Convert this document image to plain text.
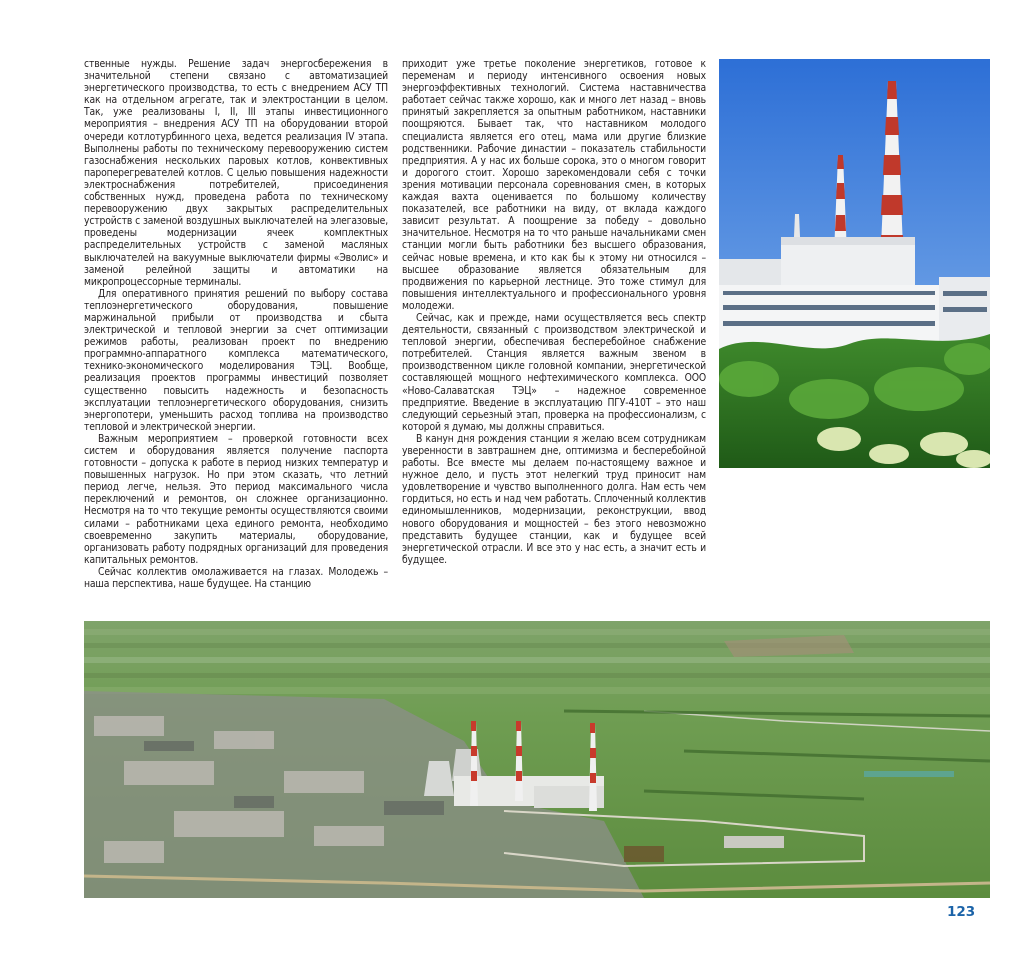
ственные нужды. Решение задач энергосбережения в значительной степени связано с автоматизацией энергетического производства, то есть с внедрением АСУ ТП как на отдельном агрегате, так и электростанции в целом. Так, уже реализованы I, II, III этапы инвестиционного мероприятия – внедрения АСУ ТП на оборудовании второй очереди котлотурбинного цеха, ведется реализация IV этапа. Выполнены работы по техническому перевооружению систем газоснабжения нескольких паровых котлов, конвективных пароперегревателей котлов. С целью повышения надежности электроснабжения потребителей, присоединения собственных нужд, проведена работа по техническому перевооружению двух закрытых распределительных устройств с заменой воздушных выключателей на элегазовые, проведены модернизации ячеек комплектных распределительных устройств с заменой масляных выключателей на вакуумные выключатели фирмы «Эволис» и заменой релейной защиты и автоматики на микропроцессорные терминалы.

Для оперативного принятия решений по выбору состава теплоэнергетического оборудования, повышение маржинальной прибыли от производства и сбыта электрической и тепловой энергии за счет оптимизации режимов работы, реализован проект по внедрению программно-аппаратного комплекса математического, технико-экономического моделирования ТЭЦ. Вообще, реализация проектов программы инвестиций позволяет существенно повысить надежность и безопасность эксплуатации теплоэнергетического оборудования, снизить энергопотери, уменьшить расход топлива на производство тепловой и электрической энергии.

Важным мероприятием – проверкой готовности всех систем и оборудования является получение паспорта готовности – допуска к работе в период низких температур и повышенных нагрузок. Но при этом сказать, что летний период легче, нельзя. Это период максимального числа переключений и ремонтов, он сложнее организационно. Несмотря на то что текущие ремонты осуществляются своими силами – работниками цеха единого ремонта, необходимо своевременно закупить материалы, оборудование, организовать работу подрядных организаций для проведения капитальных ремонтов.

Сейчас коллектив омолаживается на глазах. Молодежь – наша перспектива, наше будущее. На станцию

приходит уже третье поколение энергетиков, готовое к переменам и периоду интенсивного освоения новых энергоэффективных технологий. Система наставничества работает сейчас также хорошо, как и много лет назад – вновь принятый закрепляется за опытным работником, наставники поощряются. Бывает так, что наставником молодого специалиста является его отец, мама или другие близкие родственники. Рабочие династии – показатель стабильности предприятия. А у нас их больше сорока, это о многом говорит и дорогого стоит. Хорошо зарекомендовали себя с точки зрения мотивации персонала соревнования смен, в которых каждая вахта оценивается по большому количеству показателей, все работники на виду, от вклада каждого зависит результат. А поощрение за победу – довольно значительное. Несмотря на то что раньше начальниками смен станции могли быть работники без высшего образования, сейчас новые времена, и кто как бы к этому ни относился – высшее образование является обязательным для продвижения по карьерной лестнице. Это тоже стимул для повышения интеллектуального и профессионального уровня молодежи.

Сейчас, как и прежде, нами осуществляется весь спектр деятельности, связанный с производством электрической и тепловой энергии, обеспечивая бесперебойное снабжение потребителей. Станция является важным звеном в производственном цикле головной компании, энергетической составляющей мощного нефтехимического комплекса. ООО «Ново-Салаватская ТЭЦ» – надежное современное предприятие. Введение в эксплуатацию ПГУ-410Т – это наш следующий серьезный этап, проверка на профессионализм, с которой я думаю, мы должны справиться.

В канун дня рождения станции я желаю всем сотрудникам уверенности в завтрашнем дне, оптимизма и бесперебойной работы. Все вместе мы делаем по-настоящему важное и нужное дело, и пусть этот нелегкий труд приносит нам удовлетворение и чувство выполненного долга. Нам есть чем гордиться, но есть и над чем работать. Сплоченный коллектив единомышленников, модернизации, реконструкции, ввод нового оборудования и мощностей – без этого невозможно представить будущее станции, как и будущее всей энергетической отрасли. И все это у нас есть, а значит есть и будущее.

123
